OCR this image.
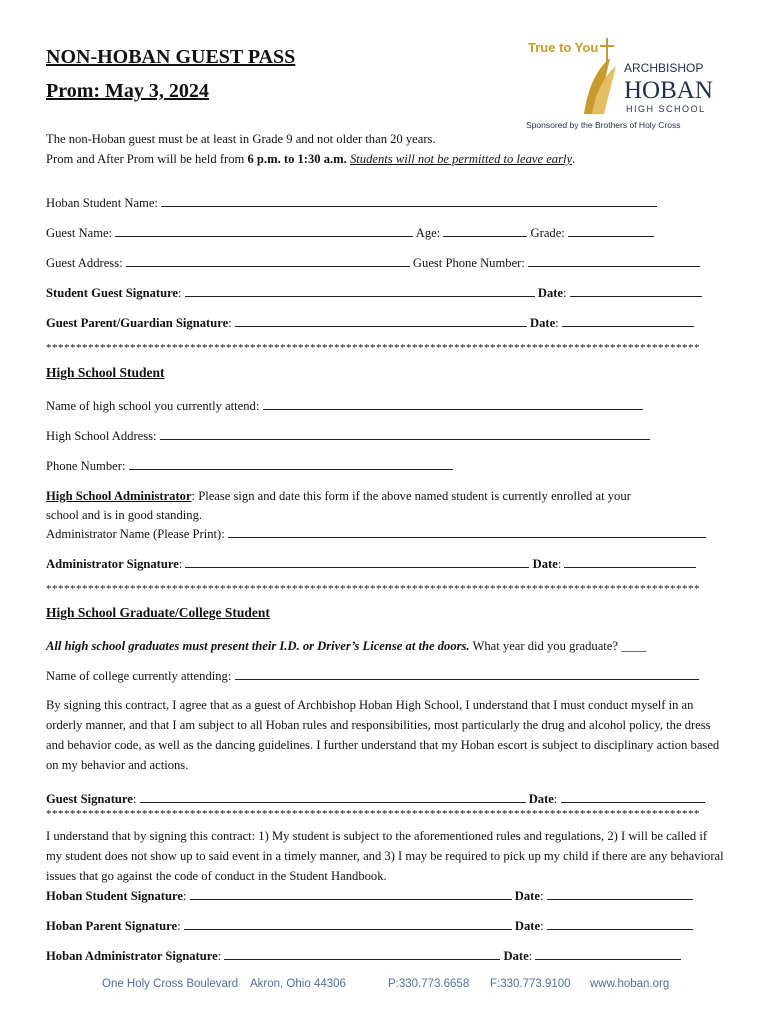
NON-HOBAN GUEST PASS
Prom: May 3, 2024
True to You
ARCHBISHOP
HOBAN
HIGH SCHOOL
Sponsored by the Brothers of Holy Cross
The non-Hoban guest must be at least in Grade 9 and not older than 20 years.
Prom and After Prom will be held from 6 p.m. to 1:30 a.m. Students will not be permitted to leave early.
Hoban Student Name:
Guest Name:	Age:	Grade:
Guest Address:	Guest Phone Number:
Student Guest Signature:	Date:
Guest Parent/Guardian Signature:	Date:
*************************************************************************************************************
High School Student
Name of high school you currently attend:
High School Address:
Phone Number:
High School Administrator: Please sign and date this form if the above named student is currently enrolled at your
school and is in good standing.
Administrator Name (Please Print):
Administrator Signature:	Date:
*************************************************************************************************************
High School Graduate/College Student
All high school graduates must present their I.D. or Driver’s License at the doors. What year did you graduate? ____
Name of college currently attending:
By signing this contract, I agree that as a guest of Archbishop Hoban High School, I understand that I must conduct myself in an orderly manner, and that I am subject to all Hoban rules and responsibilities, most particularly the drug and alcohol policy, the dress and behavior code, as well as the dancing guidelines. I further understand that my Hoban escort is subject to disciplinary action based on my behavior and actions.
Guest Signature:	Date:
*************************************************************************************************************
I understand that by signing this contract: 1) My student is subject to the aforementioned rules and regulations, 2) I will be called if my student does not show up to said event in a timely manner, and 3) I may be required to pick up my child if there are any behavioral issues that go against the code of conduct in the Student Handbook.
Hoban Student Signature:	Date:
Hoban Parent Signature:	Date:
Hoban Administrator Signature:	Date:
One Holy Cross Boulevard Akron, Ohio 44306	P:330.773.6658 F:330.773.9100 www.hoban.org
